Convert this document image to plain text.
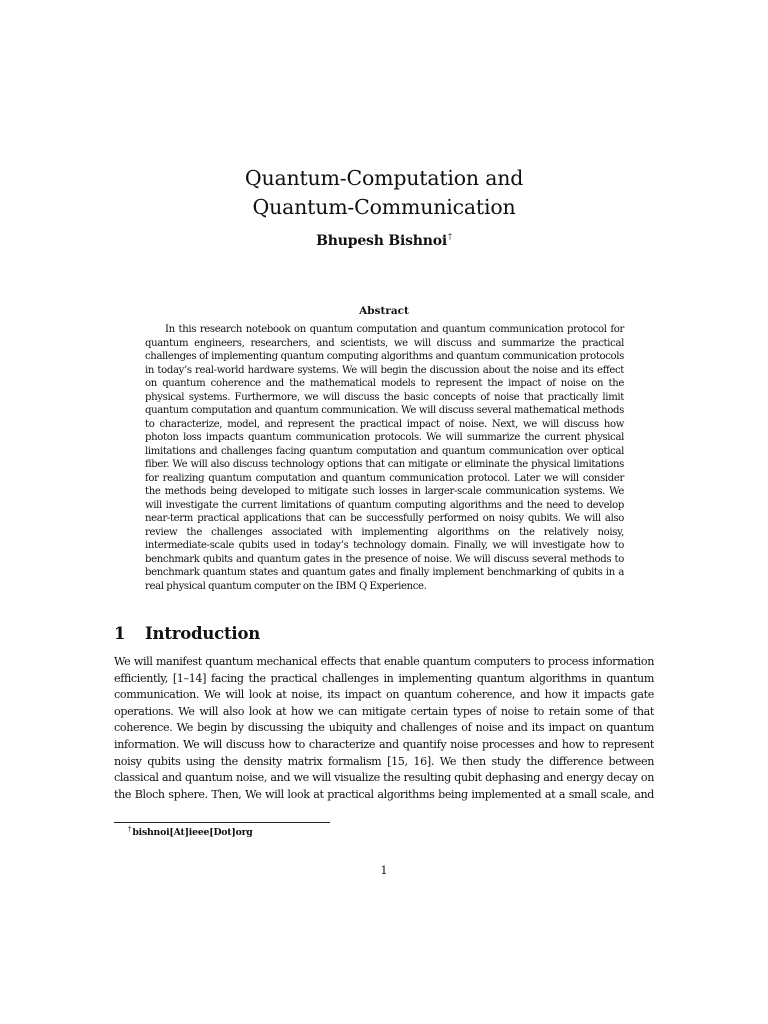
Quantum-Computation and
Quantum-Communication
Bhupesh Bishnoi†
Abstract

In this research notebook on quantum computation and quantum communication protocol for quantum engineers, researchers, and scientists, we will discuss and summarize the practical challenges of implementing quantum computing algorithms and quantum communication protocols in today’s real-world hardware systems. We will begin the discussion about the noise and its effect on quantum coherence and the mathematical models to represent the impact of noise on the physical systems. Furthermore, we will discuss the basic concepts of noise that practically limit quantum computation and quantum communication. We will discuss several mathematical methods to characterize, model, and represent the practical impact of noise. Next, we will discuss how photon loss impacts quantum communication protocols. We will summarize the current physical limitations and challenges facing quantum computation and quantum communication over optical fiber. We will also discuss technology options that can mitigate or eliminate the physical limitations for realizing quantum computation and quantum communication protocol. Later we will consider the methods being developed to mitigate such losses in larger-scale communication systems. We will investigate the current limitations of quantum computing algorithms and the need to develop near-term practical applications that can be successfully performed on noisy qubits. We will also review the challenges associated with implementing algorithms on the relatively noisy, intermediate-scale qubits used in today’s technology domain. Finally, we will investigate how to benchmark qubits and quantum gates in the presence of noise. We will discuss several methods to benchmark quantum states and quantum gates and finally implement benchmarking of qubits in a real physical quantum computer on the IBM Q Experience.

1 Introduction

We will manifest quantum mechanical effects that enable quantum computers to process information efficiently, [1–14] facing the practical challenges in implementing quantum algorithms in quantum communication. We will look at noise, its impact on quantum coherence, and how it impacts gate operations. We will also look at how we can mitigate certain types of noise to retain some of that coherence. We begin by discussing the ubiquity and challenges of noise and its impact on quantum information. We will discuss how to characterize and quantify noise processes and how to represent noisy qubits using the density matrix formalism [15, 16]. We then study the difference between classical and quantum noise, and we will visualize the resulting qubit dephasing and energy decay on the Bloch sphere. Then, We will look at practical algorithms being implemented at a small scale, and

†bishnoi[At]ieee[Dot]org
1
